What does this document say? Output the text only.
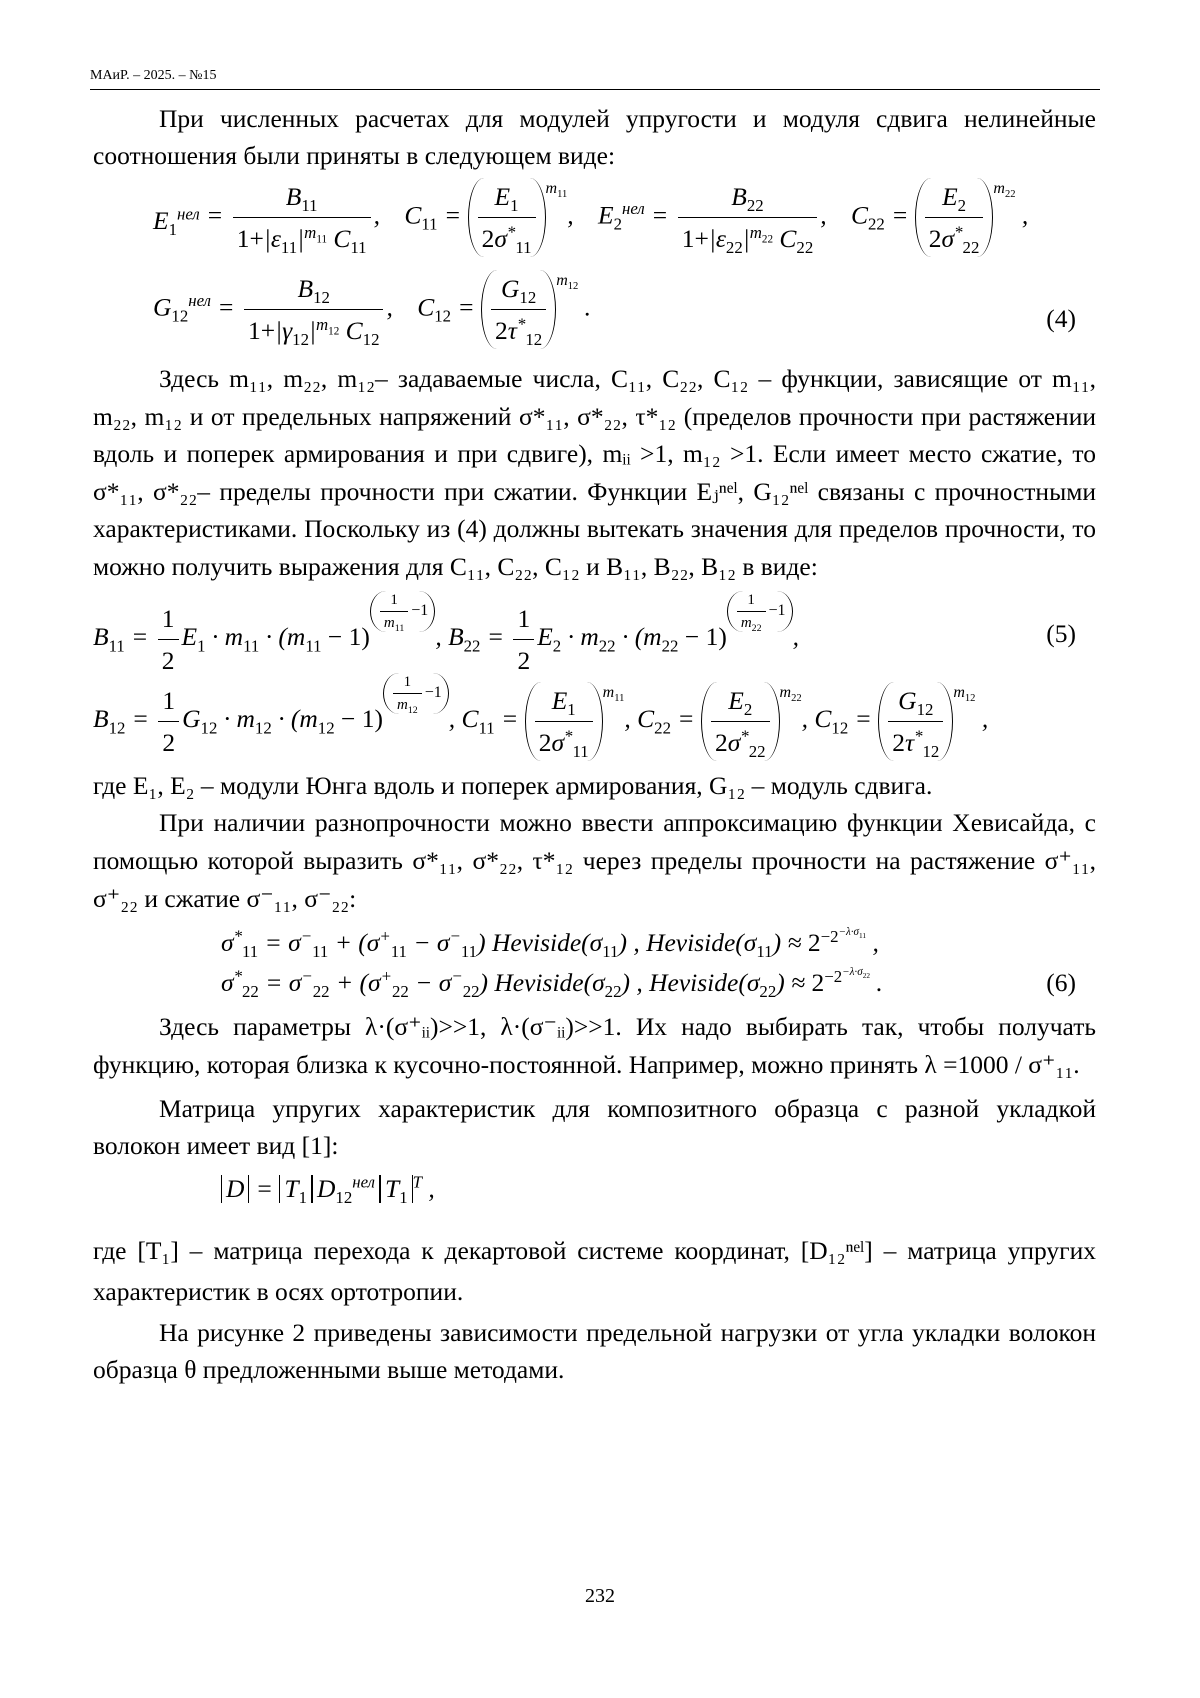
МАиР. – 2025. – №15

При численных расчетах для модулей упругости и модуля сдвига нелинейные соотношения были приняты в следующем виде:

$E_1^{нел} = \frac{B_{11}}{1+|\varepsilon_{11}|^{m_{11}} C_{11}}$ , $C_{11} = \frac{E_1}{2\sigma^*_{11}} m_{11}$, $E_2^{нел} = \frac{B_{22}}{1+|\varepsilon_{22}|^{m_{22}} C_{22}}$ , $C_{22} = \frac{E_2}{2\sigma^*_{22}} m_{22}$ ,
$G_{12}^{нел} = \frac{B_{12}}{1+|\gamma_{12}|^{m_{12}} C_{12}}$ , $C_{12} = \frac{G_{12}}{2\tau^*_{12}} m_{12}$ .	(4)

Здесь m₁₁, m₂₂, m₁₂– задаваемые числа, C₁₁, C₂₂, C₁₂ – функции, зависящие от m₁₁, m₂₂, m₁₂ и от предельных напряжений σ*₁₁, σ*₂₂, τ*₁₂ (пределов прочности при растяжении вдоль и поперек армирования и при сдвиге), mᵢᵢ >1, m₁₂ >1. Если имеет место сжатие, то σ*₁₁, σ*₂₂– пределы прочности при сжатии. Функции Eⱼⁿᵉˡ, G₁₂ⁿᵉˡ связаны с прочностными характеристиками. Поскольку из (4) должны вытекать значения для пределов прочности, то можно получить выражения для C₁₁, C₂₂, C₁₂ и B₁₁, B₂₂, B₁₂ в виде:

$B_{11} = \frac{1}{2} E_1 \cdot m_{11} \cdot (m_{11} - 1)$
$\frac{1}{m_{11}} -1$, $B_{22} = \frac{1}{2} E_2 \cdot m_{22} \cdot (m_{22} - 1)$
$\frac{1}{m_{22}} -1$,	(5)
$B_{12} = \frac{1}{2} G_{12} \cdot m_{12} \cdot (m_{12} - 1)$
$\frac{1}{m_{12}} -1$, $C_{11} = \frac{E_1}{2\sigma^*_{11}} m_{11}$, $C_{22} = \frac{E_2}{2\sigma^*_{22}} m_{22}$, $C_{12} = \frac{G_{12}}{2\tau^*_{12}} m_{12}$ ,

где E₁, E₂ – модули Юнга вдоль и поперек армирования, G₁₂ – модуль сдвига.

При наличии разнопрочности можно ввести аппроксимацию функции Хевисайда, с помощью которой выразить σ*₁₁, σ*₂₂, τ*₁₂ через пределы прочности на растяжение σ⁺₁₁, σ⁺₂₂ и сжатие σ⁻₁₁, σ⁻₂₂:

$\sigma^*_{11} = \sigma^-_{11} + (\sigma^+_{11} - \sigma^-_{11})$ $Heviside(\sigma_{11})$ , $Heviside(\sigma_{11}) \approx 2^{-2^{-\lambda\cdot\sigma_{11}}}$ ,
$\sigma^*_{22} = \sigma^-_{22} + (\sigma^+_{22} - \sigma^-_{22})$ $Heviside(\sigma_{22})$ , $Heviside(\sigma_{22}) \approx 2^{-2^{-\lambda\cdot\sigma_{22}}}$ .	(6)

Здесь параметры λ·(σ⁺ᵢᵢ)>>1, λ·(σ⁻ᵢᵢ)>>1. Их надо выбирать так, чтобы получать функцию, которая близка к кусочно-постоянной. Например, можно принять λ =1000 / σ⁺₁₁.

Матрица упругих характеристик для композитного образца с разной укладкой волокон имеет вид [1]:

$D = T_1$ $D_{12}^{нел}$ $T_1^T$ ,

где [T₁] – матрица перехода к декартовой системе координат, [D₁₂ⁿᵉˡ] – матрица упругих характеристик в осях ортотропии.

На рисунке 2 приведены зависимости предельной нагрузки от угла укладки волокон образца θ предложенными выше методами.

232
